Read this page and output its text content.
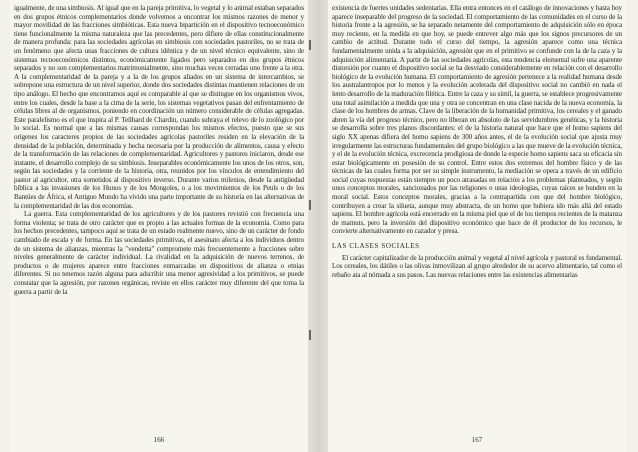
igualmente, de una simbiosis. Al igual que en la pareja primitiva, lo vegetal y lo animal estaban separados en dos grupos étnicos complementarios donde volvemos a encontrar los mismos razones de menor y mayor movilidad de las fracciones simbióticas. Esta nueva bipartición en el dispositivo tecnoeconómico tiene funcionalmente la misma naturaleza que las precedentes, pero difiere de ellas constitucionalmente de manera profunda: para las sociedades agrícolas en simbiosis con sociedades pastoriles, no se trata de un fenómeno que afecta unas fracciones de cultura idéntica y de un nivel técnico equivalente, sino de sistemas tecnoeconómicos distintos, económicamente ligados pero separados en dos grupos étnicos separados y no son complementarios matrimonialmente, sino muchas veces cerradas uno frente a la otra. A la complementaridad de la pareja y a la de los grupos aliados en un sistema de intercambios, se sobrepone una estructura de un nivel superior, donde dos sociedades distintas mantienen relaciones de un tipo análogo. El hecho que encontramos aquí es comparable al que se distingue en los organismos vivos, entre los cuales, desde la base a la cima de la serie, los sistemas vegetativos pasan del enfrentamiento de células libres al de organismos, poniendo en coordinación un número considerable de células agregadas. Este paralelismo es el que inspira al P. Teilhard de Chardin, cuando subraya el relevo de lo zoológico por lo social. Es normal que a las mismas causas correspondan los mismos efectos, puesto que se sus orígenes los caracteres propios de las sociedades agrícolas pastoriles residen en la elevación de la densidad de la población, determinada y hecha necesaria por la producción de alimentos, causa y efecto de la transformación de las relaciones de complementaridad. Agricultores y pastores iniciaron, desde ese instante, el desarrollo complejo de su simbiosis. Inseparables económicamente los unos de los otros, son, según las sociedades y la corriente de la historia, otra, reunidos por los vínculos de entendimiento del pastor al agricultor, otra sometidos al dispositivo inverso. Durante varios milenios, desde la antigüedad bíblica a las invasiones de los Hunos y de los Mongoles, o a los movimientos de los Peuls o de los Bantúes de África, el Antiguo Mundo ha vivido una parte importante de su historia en las alternativas de la complementaridad de las dos economías.

La guerra. Esta complementaridad de los agricultores y de los pastores revistió con frecuencia una forma violenta; se trata de otro carácter que es propio a las actuales formas de la economía. Como para los hechos precedentes, tampoco aquí se trata de un estado realmente nuevo, sino de un carácter de fondo cambiado de escala y de forma. En las sociedades primitivas, el asesinato afecta a los individuos dentro de un sistema de alianzas, mientras la "vendetta" compromete más frecuentemente a fracciones sobre niveles generalmente de carácter individual. La rivalidad en la adquisición de nuevos terrenos, de productos o de mujeres aparece entre fracciones enmarcadas en dispositivos de alianza o etnias diferentes. Si no tenemos razón alguna para adscribir una menor agresividad a los primitivos, se puede constatar que la agresión, por razones orgánicas, reviste en ellos carácter muy diferente del que toma la guerra a partir de la

166

existencia de fuertes unidades sedentarias. Ella entra entonces en el catálogo de innovaciones y hasta hoy aparece inseparable del progreso de la sociedad. El comportamiento de las comunidades en el curso de la historia frente a la agresión, se ha separado netamente del comportamiento de adquisición sólo en época muy reciente, en la medida en que hoy, se puede entrever algo más que los signos precursores de un cambio de actitud. Durante todo el curso del tiempo, la agresión aparece como una técnica fundamentalmente unida a la adquisición, agresión que en el primitivo se confunde con la de la caza y la adquisición alimentaria. A partir de las sociedades agrícolas, esta tendencia elemental sufre una aparente distorsión por cuanto el dispositivo social se ha desviado considerablemente en relación con el desarrollo biológico de la evolución humana. El comportamiento de agresión pertenece a la realidad humana desde los australantropos por lo menos y la evolución acelerada del dispositivo social no cambió en nada el lento desarrollo de la maduración filética. Entre la caza y su simil, la guerra, se establece progresivamente una total asimilación a medida que una y otra se concentran en una clase nacida de la nueva economía, la clase de los hombres de armas. Clave de la liberación de la humanidad primitiva, los cereales y el ganado abren la vía del progreso técnico, pero no liberan en absoluto de las servidumbres genéticas, y la historia se desarrolla sobre tres planos discordantes: el de la historia natural que hace que el homo sapiens del siglo XX apenas difiera del homo sapiens de 300 años antes, el de la evolución social que ajusta muy irregularmente las estructuras fundamentales del grupo biológico a las que mueve de la evolución técnica, y el de la evolución técnica, excrecencia prodigiosa de donde la especie homo sapiens saca su eficacia sin estar biológicamente en posesión de su control. Entre estos dos extremos del hombre físico y de las técnicas de las cuales forma por ser su simple instrumento, la mediación se opera a través de un edificio social cuyas respuestas están siempre un poco atrasadas en relación a los problemas planteados, y según unos conceptos morales, sancionados por las religiones o unas ideologías, cuyas raíces se hunden en la moral social. Estos conceptos morales, gracias a la contrapartida con que del hombre biológico, contribuyen a crear la silueta, aunque muy abstracta, de un homo que hubiera ido más allá del estado sapiens. El hombre agrícola está encerrado en la misma piel que el de los tiempos recientes de la matanza de mamuts, pero la inversión del dispositivo económico que hace de él productor de los recursos, le convierte alternativamente en cazador y presa.

LAS CLASES SOCIALES

El carácter capitalizador de la producción animal y vegetal al nivel agrícola y pastoral es fundamental. Los cereales, los dátiles o las olivas inmovilizan al grupo alrededor de su acervo alimentario, tal como el rebaño ata al nómada a sus pasos. Las nuevas relaciones entre las existencias alimentarias

167
